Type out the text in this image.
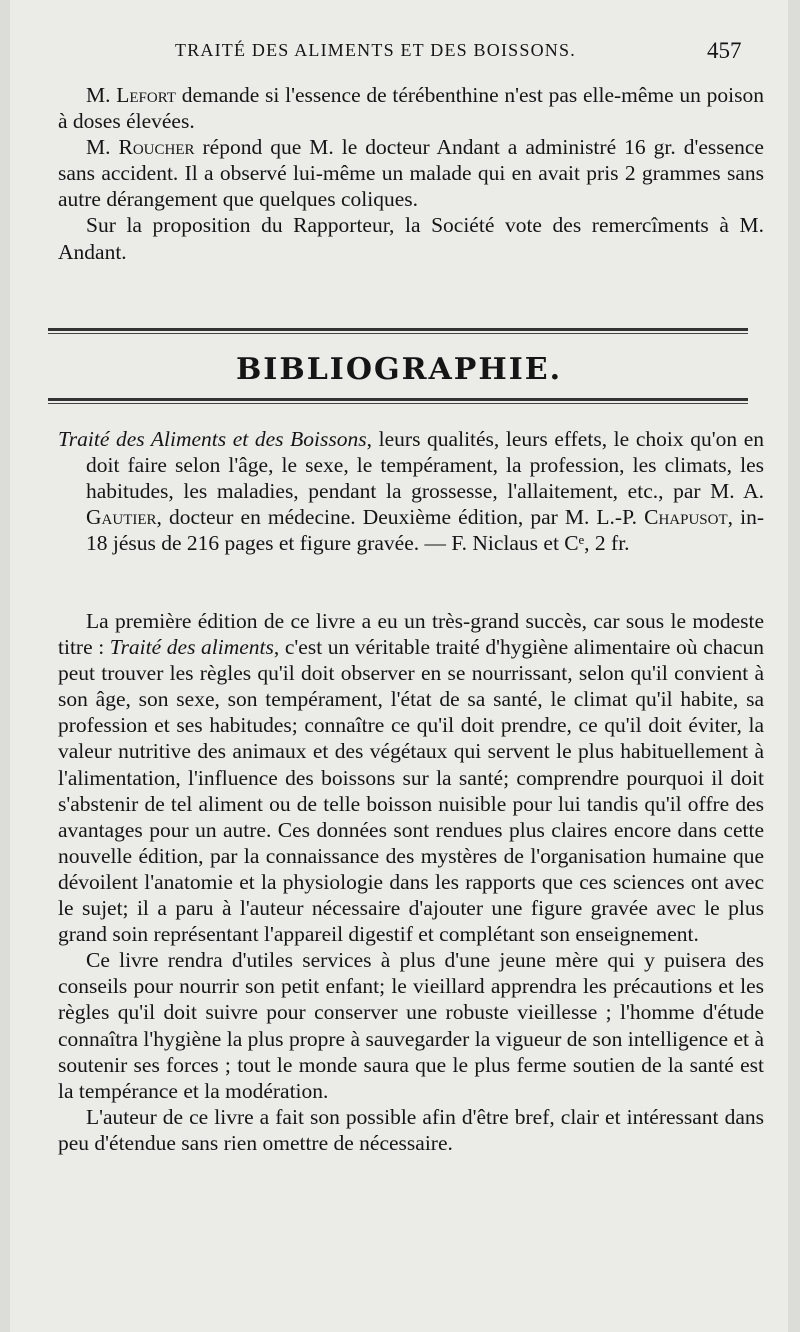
TRAITÉ DES ALIMENTS ET DES BOISSONS.	457

M. Lefort demande si l'essence de térébenthine n'est pas elle-même un poison à doses élevées.

M. Roucher répond que M. le docteur Andant a administré 16 gr. d'essence sans accident. Il a observé lui-même un malade qui en avait pris 2 grammes sans autre dérangement que quelques coliques.

Sur la proposition du Rapporteur, la Société vote des remercîments à M. Andant.

BIBLIOGRAPHIE.

Traité des Aliments et des Boissons, leurs qualités, leurs effets, le choix qu'on en doit faire selon l'âge, le sexe, le tempérament, la profession, les climats, les habitudes, les maladies, pendant la grossesse, l'allaitement, etc., par M. A. Gautier, docteur en médecine. Deuxième édition, par M. L.-P. Chapusot, in-18 jésus de 216 pages et figure gravée. — F. Niclaus et Cᵉ, 2 fr.

La première édition de ce livre a eu un très-grand succès, car sous le modeste titre : Traité des aliments, c'est un véritable traité d'hygiène alimentaire où chacun peut trouver les règles qu'il doit observer en se nourrissant, selon qu'il convient à son âge, son sexe, son tempérament, l'état de sa santé, le climat qu'il habite, sa profession et ses habitudes; connaître ce qu'il doit prendre, ce qu'il doit éviter, la valeur nutritive des animaux et des végétaux qui servent le plus habituellement à l'alimentation, l'influence des boissons sur la santé; comprendre pourquoi il doit s'abstenir de tel aliment ou de telle boisson nuisible pour lui tandis qu'il offre des avantages pour un autre. Ces données sont rendues plus claires encore dans cette nouvelle édition, par la connaissance des mystères de l'organisation humaine que dévoilent l'anatomie et la physiologie dans les rapports que ces sciences ont avec le sujet; il a paru à l'auteur nécessaire d'ajouter une figure gravée avec le plus grand soin représentant l'appareil digestif et complétant son enseignement.

Ce livre rendra d'utiles services à plus d'une jeune mère qui y puisera des conseils pour nourrir son petit enfant; le vieillard apprendra les précautions et les règles qu'il doit suivre pour conserver une robuste vieillesse ; l'homme d'étude connaîtra l'hygiène la plus propre à sauvegarder la vigueur de son intelligence et à soutenir ses forces ; tout le monde saura que le plus ferme soutien de la santé est la tempérance et la modération.

L'auteur de ce livre a fait son possible afin d'être bref, clair et intéressant dans peu d'étendue sans rien omettre de nécessaire.
